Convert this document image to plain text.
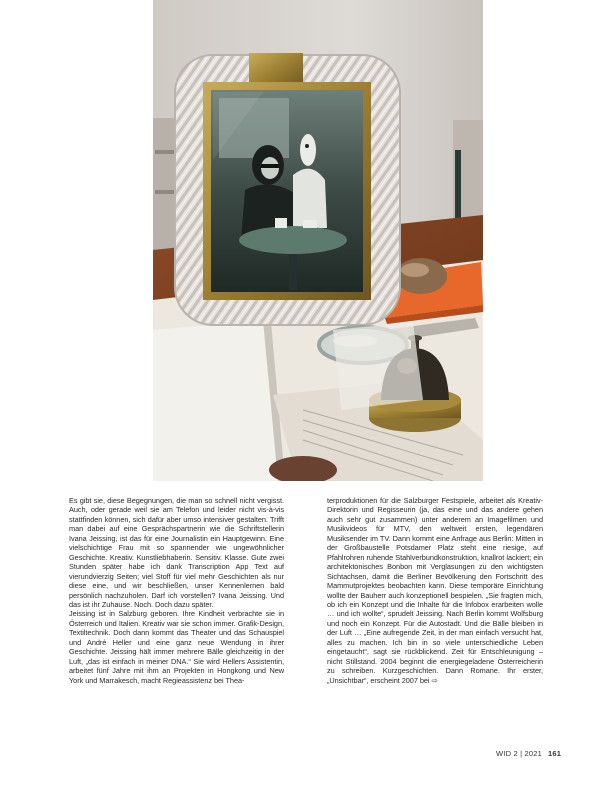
Es gibt sie, diese Begegnungen, die man so schnell nicht vergisst. Auch, oder gerade weil sie am Telefon und leider nicht vis-à-vis stattfinden können, sich dafür aber umso intensiver gestalten. Trifft man dabei auf eine Gesprächspartnerin wie die Schriftstellerin Ivana Jeissing, ist das für eine Journalistin ein Hauptgewinn. Eine vielschichtige Frau mit so spannender wie ungewöhnlicher Geschichte. Kreativ. Kunstliebhaberin. Sensitiv. Klasse. Gute zwei Stunden später habe ich dank Transcription App Text auf vierundvierzig Seiten; viel Stoff für viel mehr Geschichten als nur diese eine, und wir beschließen, unser Kennenlernen bald persönlich nachzuholen. Darf ich vorstellen? Ivana Jeissing. Und das ist ihr Zuhause. Noch. Doch dazu später.

Jeissing ist in Salzburg geboren. Ihre Kindheit verbrachte sie in Österreich und Italien. Kreativ war sie schon immer. Grafik-Design, Textiltechnik. Doch dann kommt das Theater und das Schauspiel und André Heller und eine ganz neue Wendung in ihrer Geschichte. Jeissing hält immer mehrere Bälle gleichzeitig in der Luft, „das ist einfach in meiner DNA.“ Sie wird Hellers Assistentin, arbeitet fünf Jahre mit ihm an Projekten in Hongkong und New York und Marrakesch, macht Regieassistenz bei Thea-

terproduktionen für die Salzburger Festspiele, arbeitet als Kreativ-Direktorin und Regisseurin (ja, das eine und das andere gehen auch sehr gut zusammen) unter anderem an Imagefilmen und Musikvideos für MTV, den weltweit ersten, legendären Musiksender im TV. Dann kommt eine Anfrage aus Berlin: Mitten in der Großbaustelle Potsdamer Platz steht eine riesige, auf Pfahlrohren ruhende Stahlverbundkonstruktion, knallrot lackiert; ein architektonisches Bonbon mit Verglasungen zu den wichtigsten Sichtachsen, damit die Berliner Bevölkerung den Fortschritt des Mammutprojektes beobachten kann. Diese temporäre Einrichtung wollte der Bauherr auch konzeptionell bespielen. „Sie fragten mich, ob ich ein Konzept und die Inhalte für die Infobox erarbeiten wolle … und ich wollte“, sprudelt Jeissing. Nach Berlin kommt Wolfsburg und noch ein Konzept. Für die Autostadt. Und die Bälle bleiben in der Luft … „Eine aufregende Zeit, in der man einfach versucht hat, alles zu machen. Ich bin in so viele unterschiedliche Leben eingetaucht“, sagt sie rückblickend. Zeit für Entschleunigung – nicht Stillstand. 2004 beginnt die energiegeladene Österreicherin zu schreiben. Kurzgeschichten. Dann Romane. Ihr erster, „Unsichtbar“, erscheint 2007 bei ⇨

WID 2 | 2021 161
